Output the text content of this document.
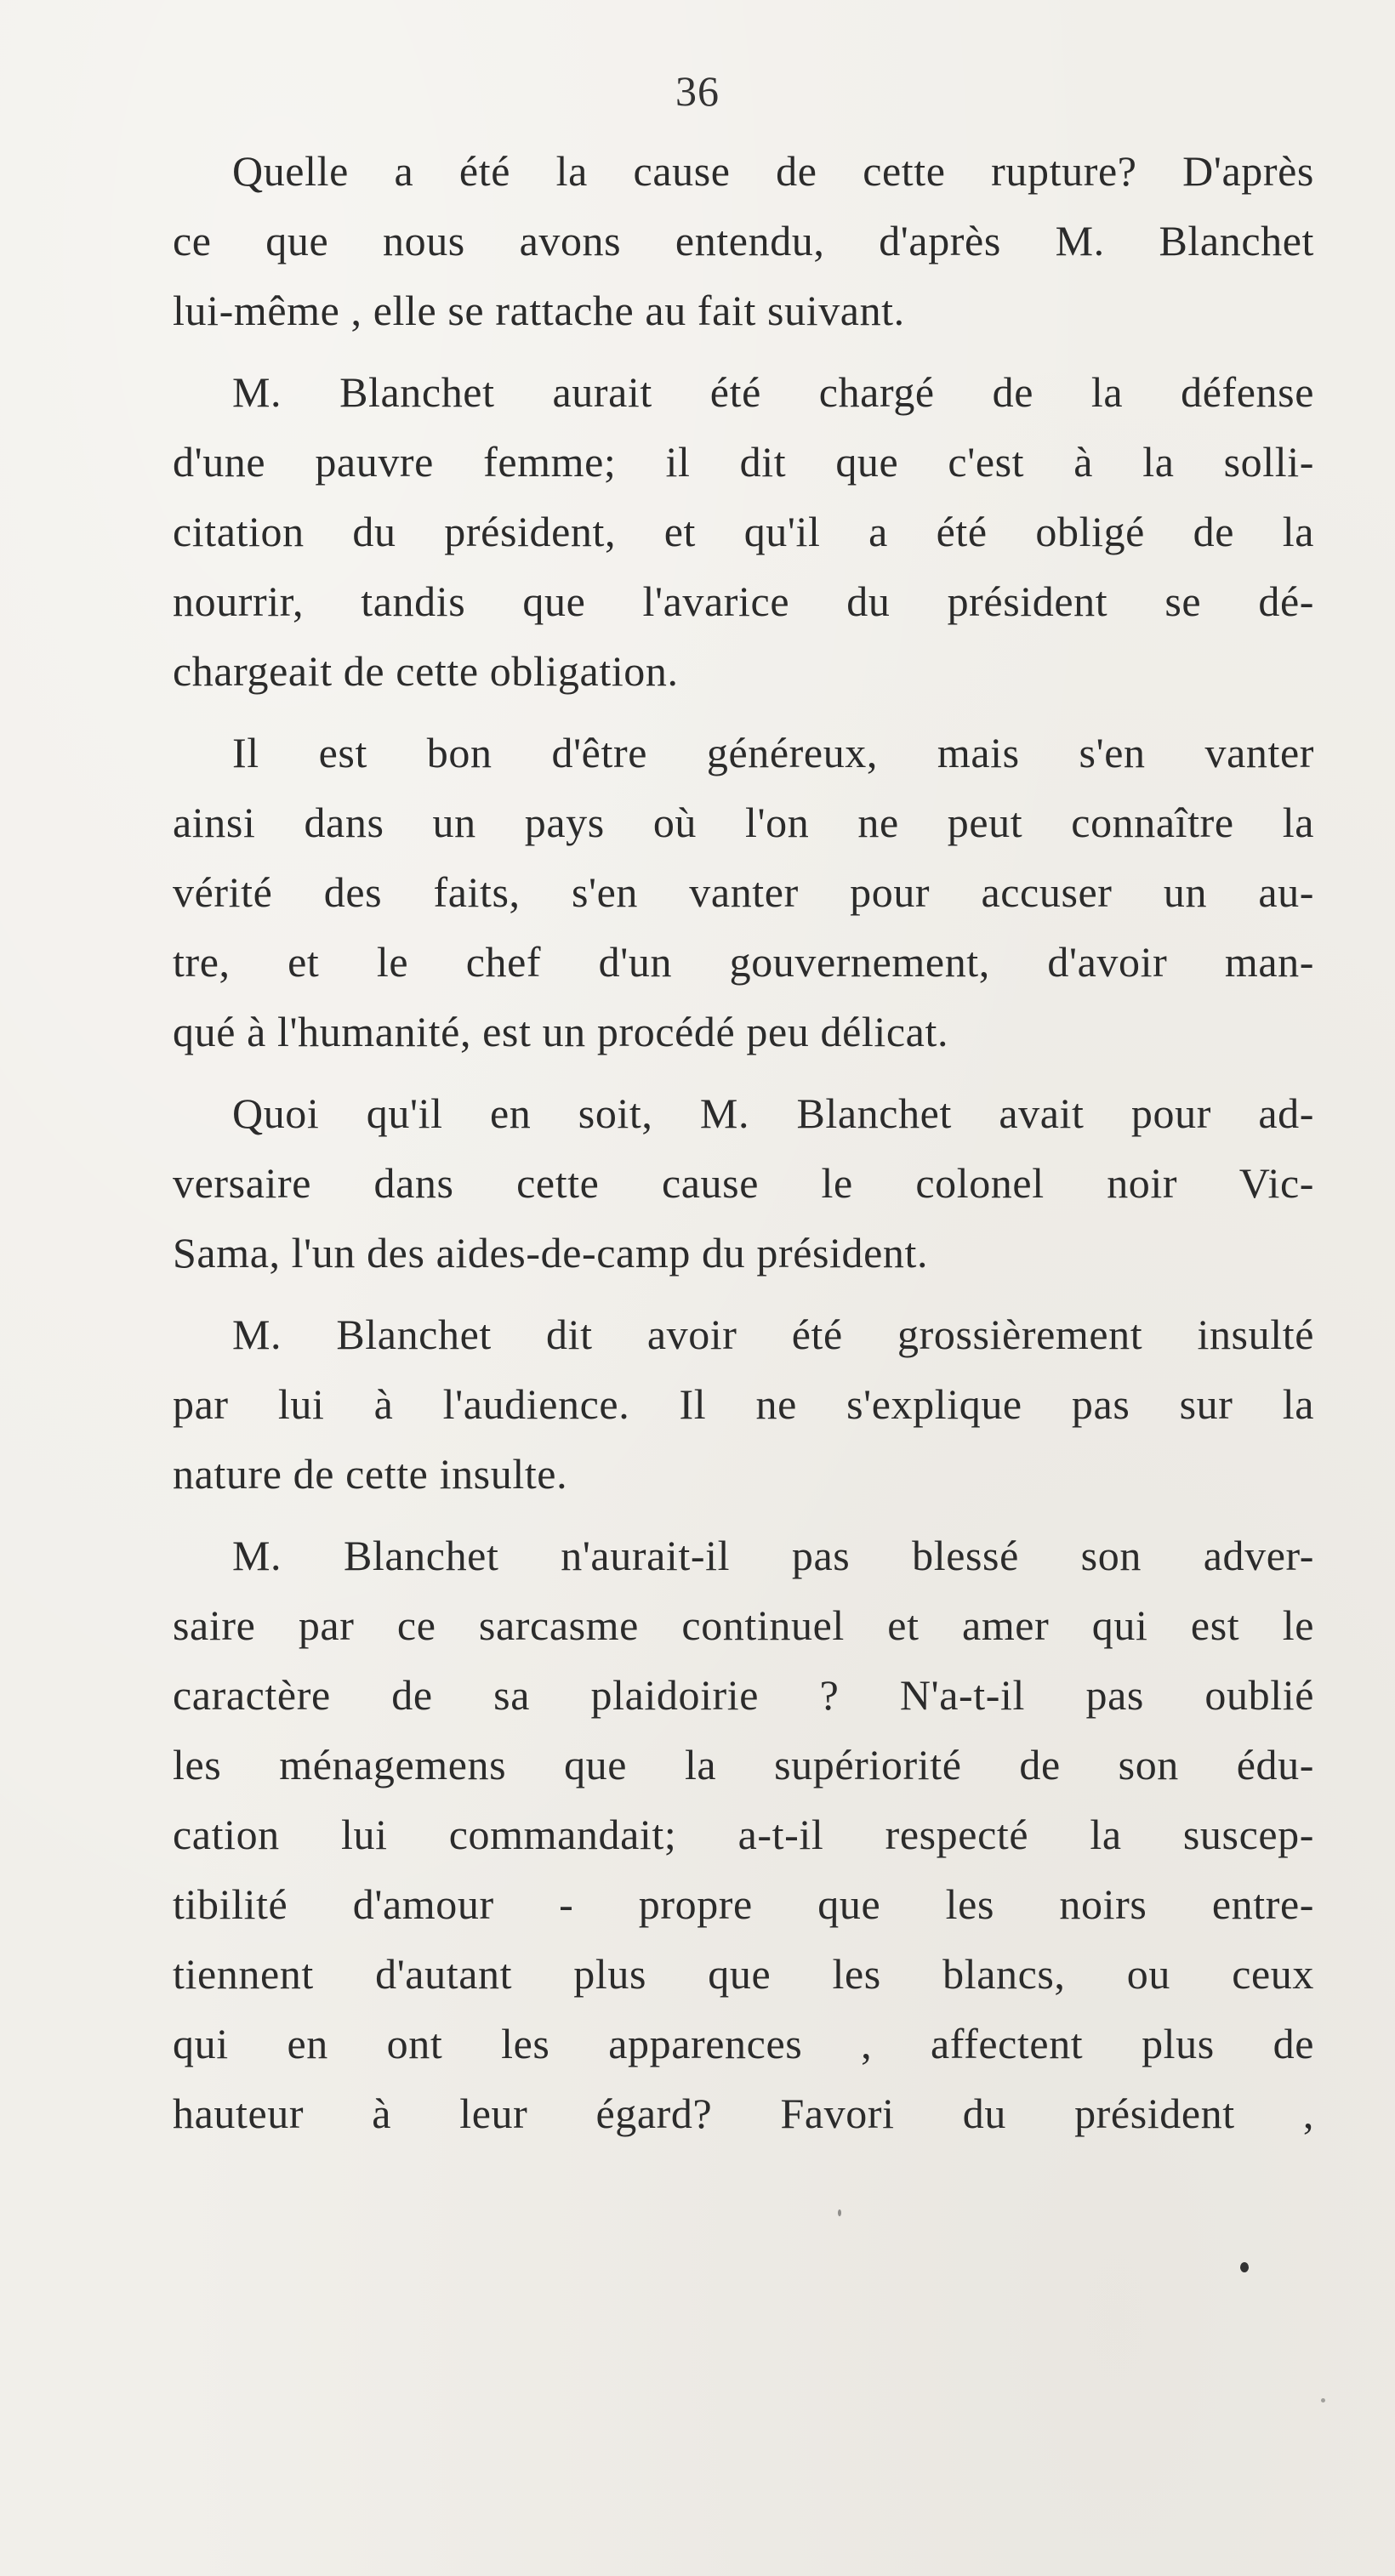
36
Quelle a été la cause de cette rupture? D'après
ce que nous avons entendu, d'après M. Blanchet
lui-même , elle se rattache au fait suivant.
M. Blanchet aurait été chargé de la défense
d'une pauvre femme; il dit que c'est à la solli-
citation du président, et qu'il a été obligé de la
nourrir, tandis que l'avarice du président se dé-
chargeait de cette obligation.
Il est bon d'être généreux, mais s'en vanter
ainsi dans un pays où l'on ne peut connaître la
vérité des faits, s'en vanter pour accuser un au-
tre, et le chef d'un gouvernement, d'avoir man-
qué à l'humanité, est un procédé peu délicat.
Quoi qu'il en soit, M. Blanchet avait pour ad-
versaire dans cette cause le colonel noir Vic-
Sama, l'un des aides-de-camp du président.
M. Blanchet dit avoir été grossièrement insulté
par lui à l'audience. Il ne s'explique pas sur la
nature de cette insulte.
M. Blanchet n'aurait-il pas blessé son adver-
saire par ce sarcasme continuel et amer qui est le
caractère de sa plaidoirie ? N'a-t-il pas oublié
les ménagemens que la supériorité de son édu-
cation lui commandait; a-t-il respecté la suscep-
tibilité d'amour - propre que les noirs entre-
tiennent d'autant plus que les blancs, ou ceux
qui en ont les apparences , affectent plus de
hauteur à leur égard? Favori du président ,
